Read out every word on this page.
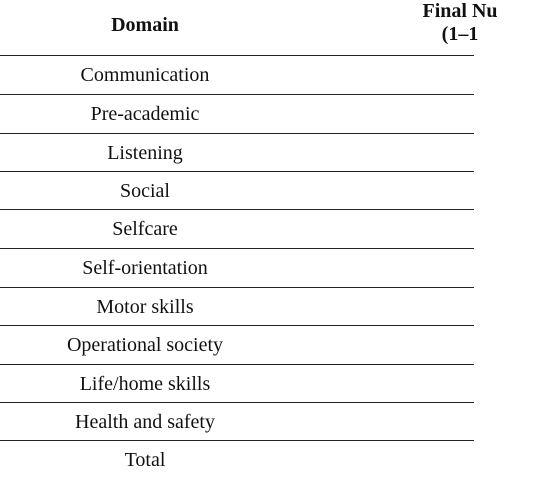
Domain
Final Nu
(1–1
Communication
Pre-academic
Listening
Social
Selfcare
Self-orientation
Motor skills
Operational society
Life/home skills
Health and safety
Total
